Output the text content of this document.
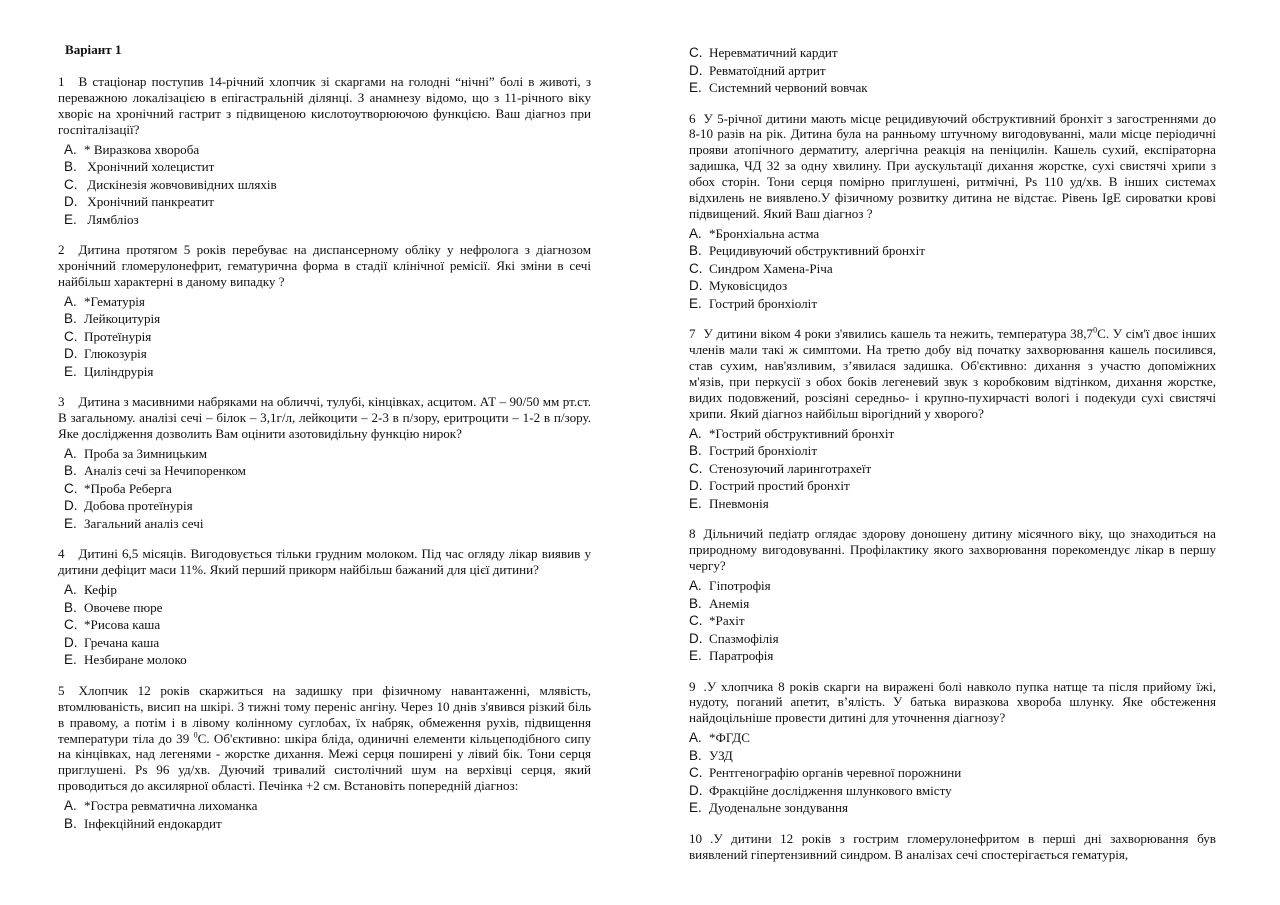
Варіант 1
1 В стаціонар поступив 14-річний хлопчик зі скаргами на голодні “нічні” болі в животі, з переважною локалізацією в епігастральній ділянці. З анамнезу відомо, що з 11-річного віку хворіє на хронічний гастрит з підвищеною кислотоутворюючою функцією. Ваш діагноз при госпіталізації?
A. * Виразкова хвороба
B. Хронічний холецистит
C. Дискінезія жовчовивідних шляхів
D. Хронічний панкреатит
E. Лямбліоз
2 Дитина протягом 5 років перебуває на диспансерному обліку у нефролога з діагнозом хронічний гломерулонефрит, гематурична форма в стадії клінічної ремісії. Які зміни в сечі найбільш характерні в даному випадку ?
A. *Гематурія
B. Лейкоцитурія
C. Протеїнурія
D. Глюкозурія
E. Циліндрурія
3 Дитина з масивними набряками на обличчі, тулубі, кінцівках, асцитом. АТ – 90/50 мм рт.ст. В загальному. аналізі сечі – білок – 3,1г/л, лейкоцити – 2-3 в п/зору, еритроцити – 1-2 в п/зору. Яке дослідження дозволить Вам оцінити азотовидільну функцію нирок?
A. Проба за Зимницьким
B. Аналіз сечі за Нечипоренком
C. *Проба Реберга
D. Добова протеїнурія
E. Загальний аналіз сечі
4 Дитині 6,5 місяців. Вигодовується тільки грудним молоком. Під час огляду лікар виявив у дитини дефіцит маси 11%. Який перший прикорм найбільш бажаний для цієї дитини?
A. Кефір
B. Овочеве пюре
C. *Рисова каша
D. Гречана каша
E. Незбиране молоко
5 Хлопчик 12 років скаржиться на задишку при фізичному навантаженні, млявість, втомлюваність, висип на шкірі. З тижні тому переніс ангіну. Через 10 днів з'явився різкий біль в правому, а потім і в лівому колінному суглобах, їх набряк, обмеження рухів, підвищення температури тіла до 39 $^0$С. Об'єктивно: шкіра бліда, одиничні елементи кільцеподібного сипу на кінцівках, над легенями - жорстке дихання. Межі серця поширені у лівий бік. Тони серця приглушені. Ps 96 уд/хв. Дуючий тривалий систолічний шум на верхівці серця, який проводиться до аксилярної області. Печінка +2 см. Встановіть попередній діагноз:
A. *Гостра ревматична лихоманка
B. Інфекційний ендокардит
C. Неревматичний кардит
D. Ревматоїдний артрит
E. Системний червоний вовчак
6 У 5-річної дитини мають місце рецидивуючий обструктивний бронхіт з загостреннями до 8-10 разів на рік. Дитина була на ранньому штучному вигодовуванні, мали місце періодичні прояви атопічного дерматиту, алергічна реакція на пеніцилін. Кашель сухий, експіраторна задишка, ЧД 32 за одну хвилину. При аускультації дихання жорстке, сухі свистячі хрипи з обох сторін. Тони серця помірно приглушені, ритмічні, Ps 110 уд/хв. В інших системах відхилень не виявлено.У фізичному розвитку дитина не відстає. Рівень IgE сироватки крові підвищений. Який Ваш діагноз ?
A. *Бронхіальна астма
B. Рецидивуючий обструктивний бронхіт
C. Синдром Хамена-Річа
D. Муковісцидоз
E. Гострий бронхіоліт
7 У дитини віком 4 роки з'явились кашель та нежить, температура 38,7$^0$С. У сім'ї двоє інших членів мали такі ж симптоми. На третю добу від початку захворювання кашель посилився, став сухим, нав'язливим, з’явилася задишка. Об'єктивно: дихання з участю допоміжних м'язів, при перкусії з обох боків легеневий звук з коробковим відтінком, дихання жорстке, видих подовжений, розсіяні середньо- і крупно-пухирчасті вологі і подекуди сухі свистячі хрипи. Який діагноз найбільш вірогідний у хворого?
A. *Гострий обструктивний бронхіт
B. Гострий бронхіоліт
C. Стенозуючий ларинготрахеїт
D. Гострий простий бронхіт
E. Пневмонія
8 Дільничий педіатр оглядає здорову доношену дитину місячного віку, що знаходиться на природному вигодовуванні. Профілактику якого захворювання порекомендує лікар в першу чергу?
A. Гіпотрофія
B. Анемія
C. *Рахіт
D. Спазмофілія
E. Паратрофія
9 .У хлопчика 8 років скарги на виражені болі навколо пупка натще та після прийому їжі, нудоту, поганий апетит, в’ялість. У батька виразкова хвороба шлунку. Яке обстеження найдоцільніше провести дитині для уточнення діагнозу?
A. *ФГДС
B. УЗД
C. Рентгенографію органів черевної порожнини
D. Фракційне дослідження шлункового вмісту
E. Дуоденальне зондування
10 .У дитини 12 років з гострим гломерулонефритом в перші дні захворювання був виявлений гіпертензивний синдром. В аналізах сечі спостерігається гематурія,
